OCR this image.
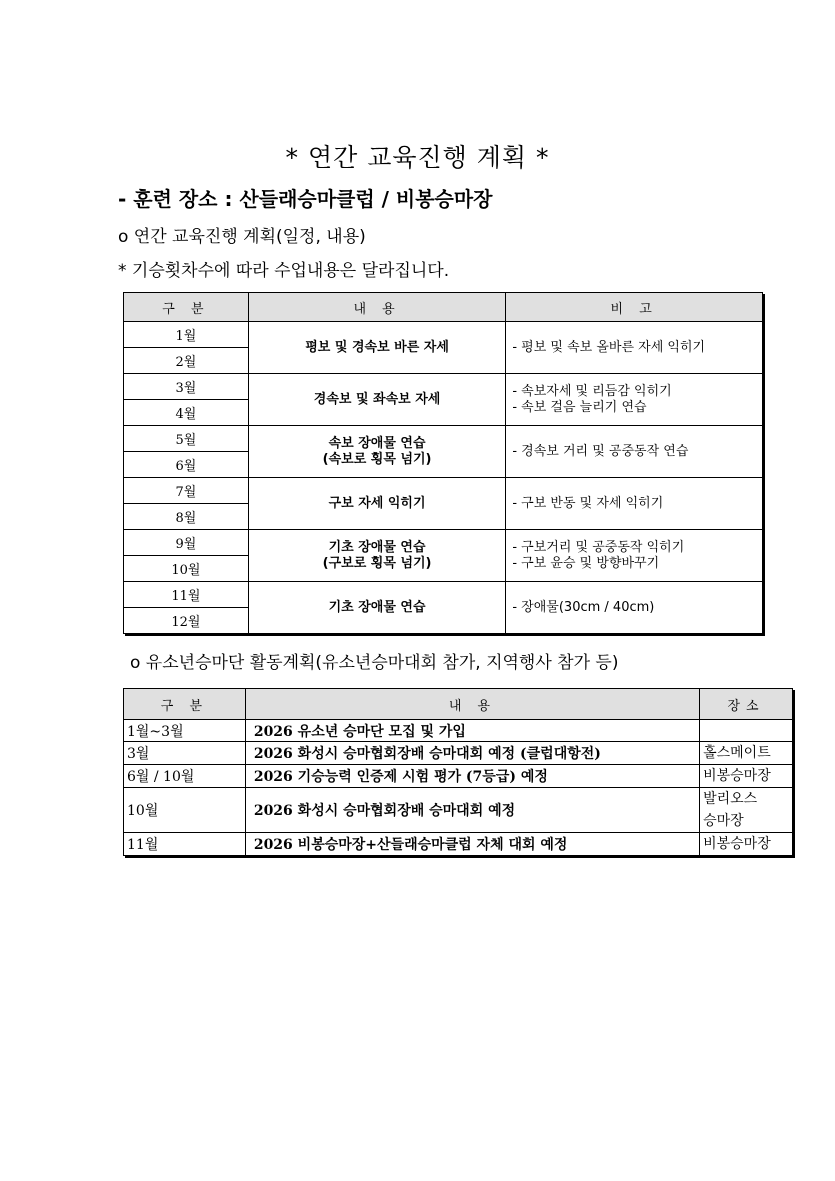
* 연간 교육진행 계획 *
- 훈련 장소 : 산들래승마클럽 / 비봉승마장
o 연간 교육진행 계획(일정, 내용)
* 기승횟차수에 따라 수업내용은 달라집니다.
구 분	내 용	비 고
1월	평보 및 경속보 바른 자세	- 평보 및 속보 올바른 자세 익히기
2월		
3월	경속보 및 좌속보 자세	- 속보자세 및 리듬감 익히기
- 속보 걸음 늘리기 연습
4월		
5월	속보 장애물 연습
(속보로 횡목 넘기)	- 경속보 거리 및 공중동작 연습
6월		
7월	구보 자세 익히기	- 구보 반동 및 자세 익히기
8월		
9월	기초 장애물 연습
(구보로 횡목 넘기)	- 구보거리 및 공중동작 익히기
- 구보 윤승 및 방향바꾸기
10월		
11월	기초 장애물 연습	- 장애물(30cm / 40cm)
12월		
o 유소년승마단 활동계획(유소년승마대회 참가, 지역행사 참가 등)
구 분	내 용	장소
1월~3월	2026 유소년 승마단 모집 및 가입	
3월	2026 화성시 승마협회장배 승마대회 예정 (클럽대항전)	홀스메이트
6월 / 10월	2026 기승능력 인증제 시험 평가 (7등급) 예정	비봉승마장
10월	2026 화성시 승마협회장배 승마대회 예정	발리오스
승마장
11월	2026 비봉승마장+산들래승마클럽 자체 대회 예정	비봉승마장
